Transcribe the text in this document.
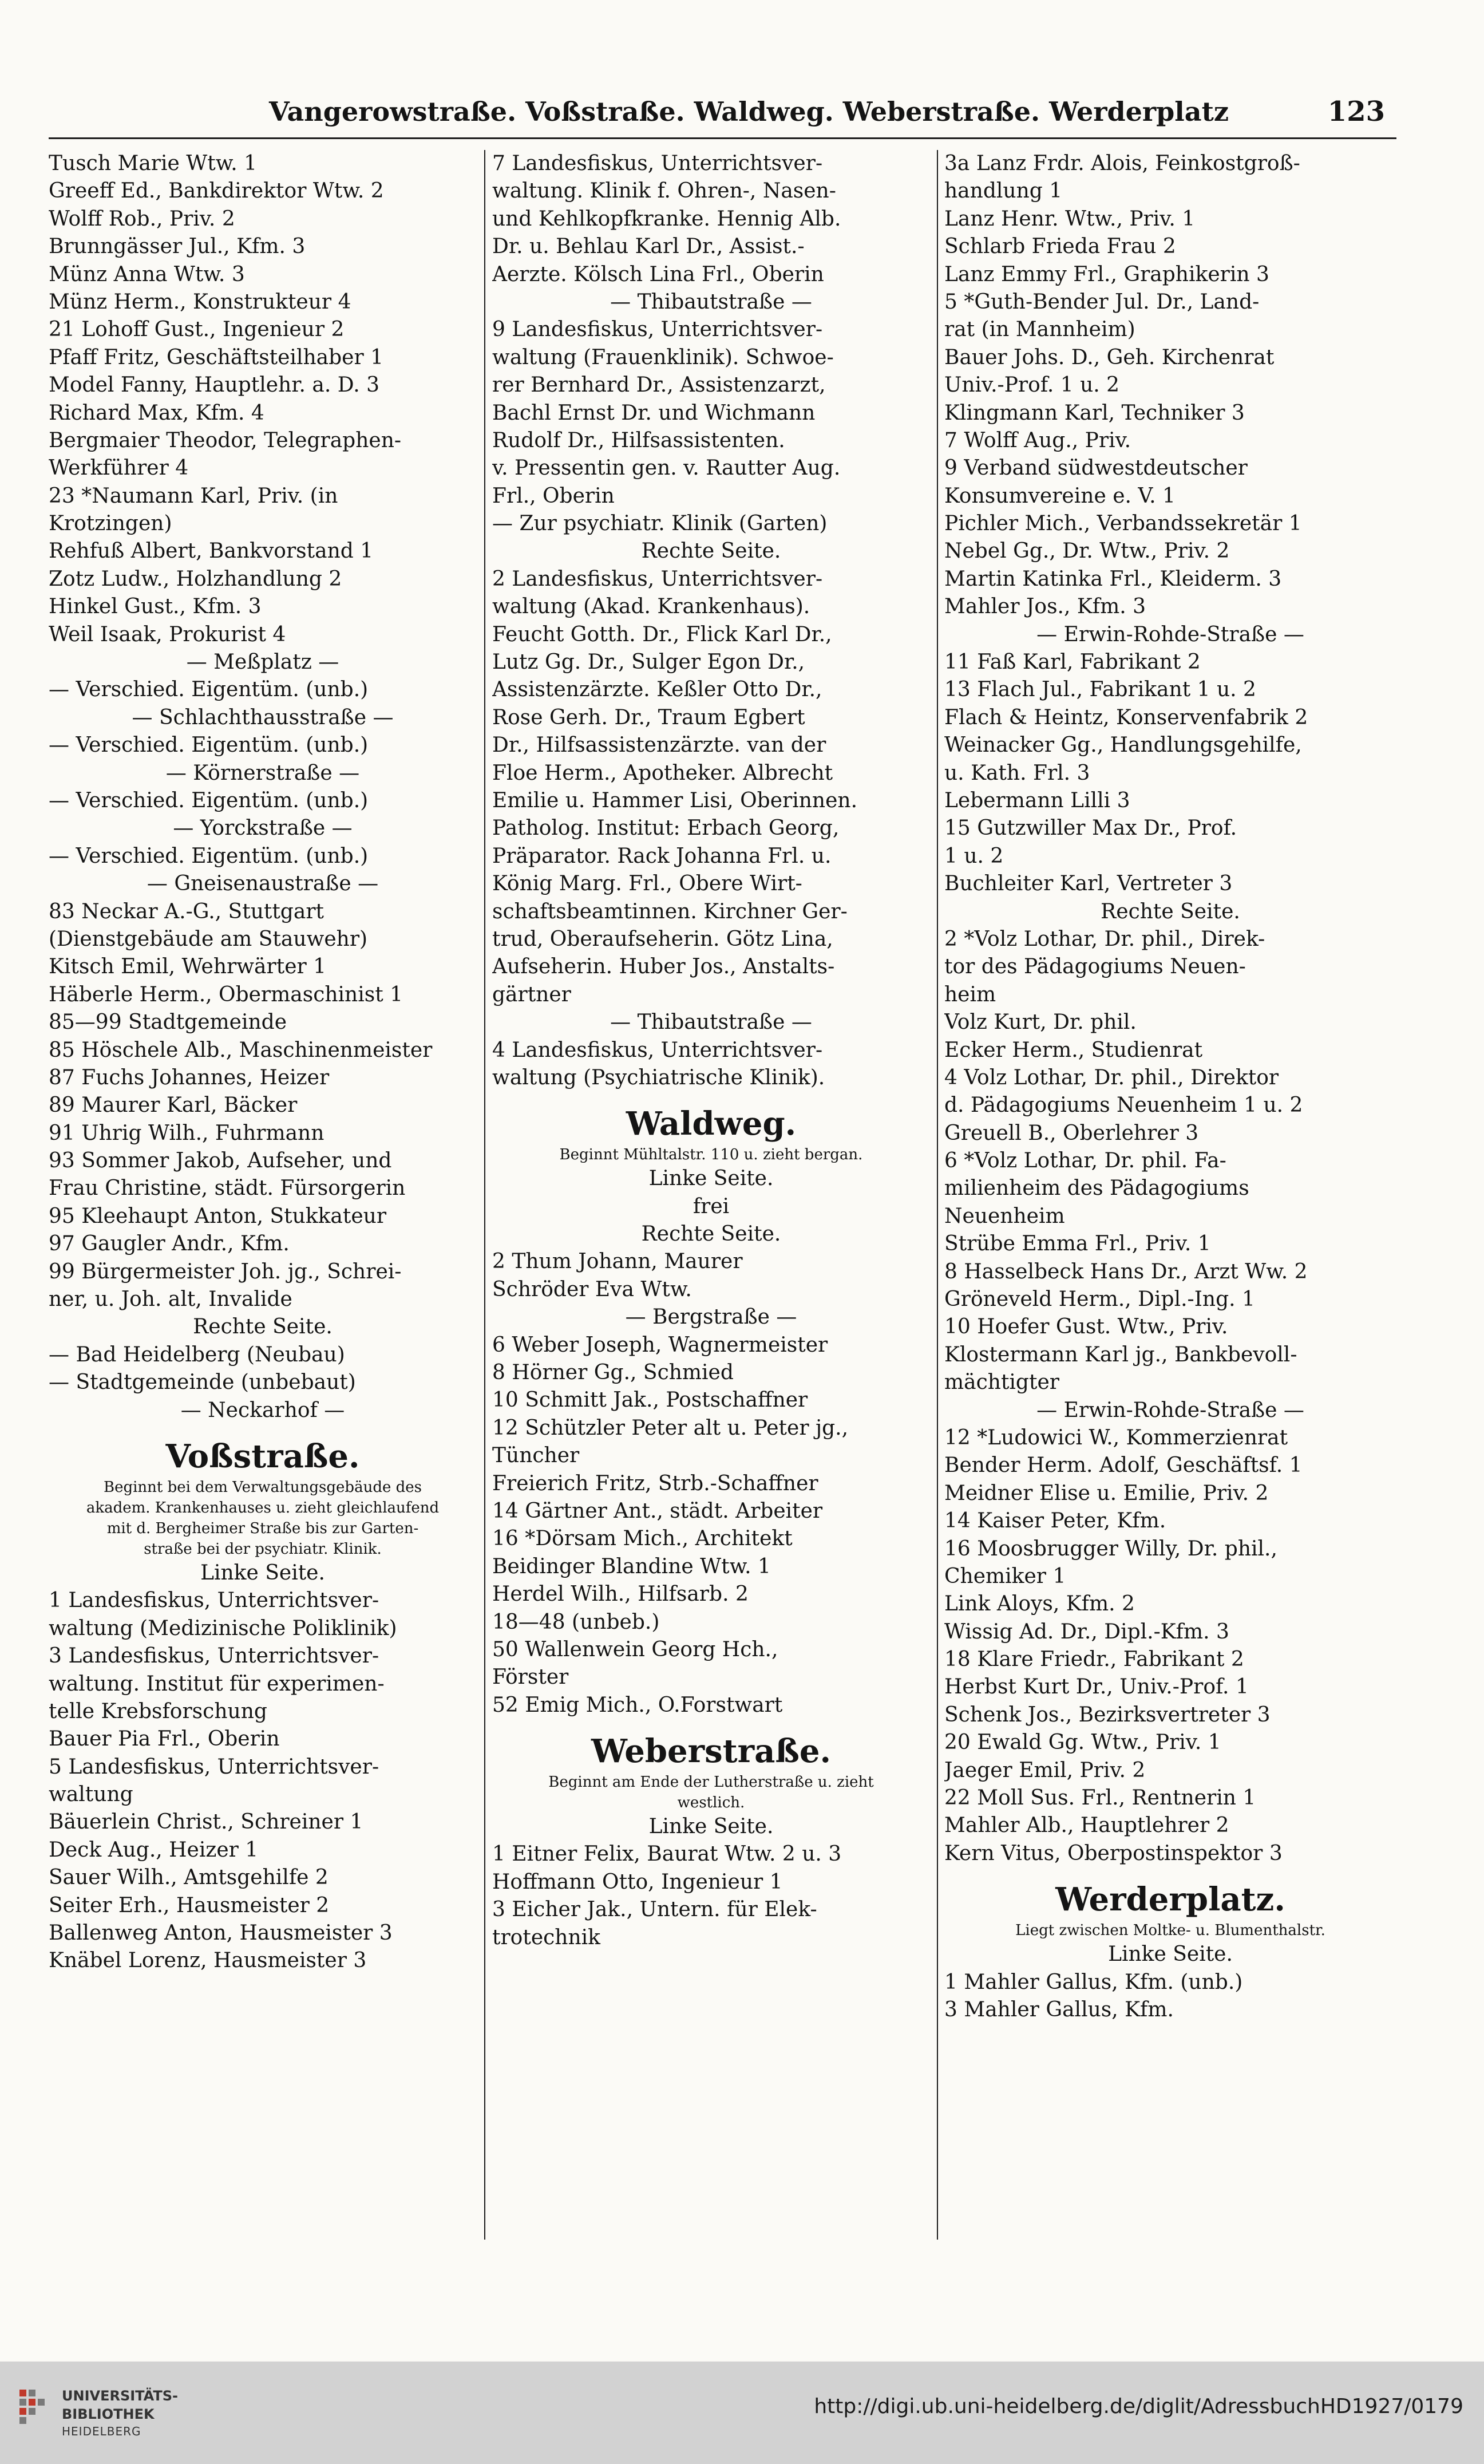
Vangerowstraße. Voßstraße. Waldweg. Weberstraße. Werderplatz	123
Tusch Marie Wtw. 1
Greeff Ed., Bankdirektor Wtw. 2
Wolff Rob., Priv. 2
Brunngässer Jul., Kfm. 3
Münz Anna Wtw. 3
Münz Herm., Konstrukteur 4
21 Lohoff Gust., Ingenieur 2
Pfaff Fritz, Geschäftsteilhaber 1
Model Fanny, Hauptlehr. a. D. 3
Richard Max, Kfm. 4
Bergmaier Theodor, Telegraphen-
Werkführer 4
23 *Naumann Karl, Priv. (in
Krotzingen)
Rehfuß Albert, Bankvorstand 1
Zotz Ludw., Holzhandlung 2
Hinkel Gust., Kfm. 3
Weil Isaak, Prokurist 4
— Meßplatz —
— Verschied. Eigentüm. (unb.)
— Schlachthausstraße —
— Verschied. Eigentüm. (unb.)
— Körnerstraße —
— Verschied. Eigentüm. (unb.)
— Yorckstraße —
— Verschied. Eigentüm. (unb.)
— Gneisenaustraße —
83 Neckar A.-G., Stuttgart
(Dienstgebäude am Stauwehr)
Kitsch Emil, Wehrwärter 1
Häberle Herm., Obermaschinist 1
85—99 Stadtgemeinde
85 Höschele Alb., Maschinenmeister
87 Fuchs Johannes, Heizer
89 Maurer Karl, Bäcker
91 Uhrig Wilh., Fuhrmann
93 Sommer Jakob, Aufseher, und
Frau Christine, städt. Fürsorgerin
95 Kleehaupt Anton, Stukkateur
97 Gaugler Andr., Kfm.
99 Bürgermeister Joh. jg., Schrei-
ner, u. Joh. alt, Invalide
Rechte Seite.
— Bad Heidelberg (Neubau)
— Stadtgemeinde (unbebaut)
— Neckarhof —
Voßstraße.
Beginnt bei dem Verwaltungsgebäude des
akadem. Krankenhauses u. zieht gleichlaufend
mit d. Bergheimer Straße bis zur Garten-
straße bei der psychiatr. Klinik.
Linke Seite.
1 Landesfiskus, Unterrichtsver-
waltung (Medizinische Poliklinik)
3 Landesfiskus, Unterrichtsver-
waltung. Institut für experimen-
telle Krebsforschung
Bauer Pia Frl., Oberin
5 Landesfiskus, Unterrichtsver-
waltung
Bäuerlein Christ., Schreiner 1
Deck Aug., Heizer 1
Sauer Wilh., Amtsgehilfe 2
Seiter Erh., Hausmeister 2
Ballenweg Anton, Hausmeister 3
Knäbel Lorenz, Hausmeister 3
7 Landesfiskus, Unterrichtsver-
waltung. Klinik f. Ohren-, Nasen-
und Kehlkopfkranke. Hennig Alb.
Dr. u. Behlau Karl Dr., Assist.-
Aerzte. Kölsch Lina Frl., Oberin
— Thibautstraße —
9 Landesfiskus, Unterrichtsver-
waltung (Frauenklinik). Schwoe-
rer Bernhard Dr., Assistenzarzt,
Bachl Ernst Dr. und Wichmann
Rudolf Dr., Hilfsassistenten.
v. Pressentin gen. v. Rautter Aug.
Frl., Oberin
— Zur psychiatr. Klinik (Garten)
Rechte Seite.
2 Landesfiskus, Unterrichtsver-
waltung (Akad. Krankenhaus).
Feucht Gotth. Dr., Flick Karl Dr.,
Lutz Gg. Dr., Sulger Egon Dr.,
Assistenzärzte. Keßler Otto Dr.,
Rose Gerh. Dr., Traum Egbert
Dr., Hilfsassistenzärzte. van der
Floe Herm., Apotheker. Albrecht
Emilie u. Hammer Lisi, Oberinnen.
Patholog. Institut: Erbach Georg,
Präparator. Rack Johanna Frl. u.
König Marg. Frl., Obere Wirt-
schaftsbeamtinnen. Kirchner Ger-
trud, Oberaufseherin. Götz Lina,
Aufseherin. Huber Jos., Anstalts-
gärtner
— Thibautstraße —
4 Landesfiskus, Unterrichtsver-
waltung (Psychiatrische Klinik).
Waldweg.
Beginnt Mühltalstr. 110 u. zieht bergan.
Linke Seite.
frei
Rechte Seite.
2 Thum Johann, Maurer
Schröder Eva Wtw.
— Bergstraße —
6 Weber Joseph, Wagnermeister
8 Hörner Gg., Schmied
10 Schmitt Jak., Postschaffner
12 Schützler Peter alt u. Peter jg.,
Tüncher
Freierich Fritz, Strb.-Schaffner
14 Gärtner Ant., städt. Arbeiter
16 *Dörsam Mich., Architekt
Beidinger Blandine Wtw. 1
Herdel Wilh., Hilfsarb. 2
18—48 (unbeb.)
50 Wallenwein Georg Hch.,
Förster
52 Emig Mich., O.Forstwart
Weberstraße.
Beginnt am Ende der Lutherstraße u. zieht
westlich.
Linke Seite.
1 Eitner Felix, Baurat Wtw. 2 u. 3
Hoffmann Otto, Ingenieur 1
3 Eicher Jak., Untern. für Elek-
trotechnik
3a Lanz Frdr. Alois, Feinkostgroß-
handlung 1
Lanz Henr. Wtw., Priv. 1
Schlarb Frieda Frau 2
Lanz Emmy Frl., Graphikerin 3
5 *Guth-Bender Jul. Dr., Land-
rat (in Mannheim)
Bauer Johs. D., Geh. Kirchenrat
Univ.-Prof. 1 u. 2
Klingmann Karl, Techniker 3
7 Wolff Aug., Priv.
9 Verband südwestdeutscher
Konsumvereine e. V. 1
Pichler Mich., Verbandssekretär 1
Nebel Gg., Dr. Wtw., Priv. 2
Martin Katinka Frl., Kleiderm. 3
Mahler Jos., Kfm. 3
— Erwin-Rohde-Straße —
11 Faß Karl, Fabrikant 2
13 Flach Jul., Fabrikant 1 u. 2
Flach & Heintz, Konservenfabrik 2
Weinacker Gg., Handlungsgehilfe,
u. Kath. Frl. 3
Lebermann Lilli 3
15 Gutzwiller Max Dr., Prof.
1 u. 2
Buchleiter Karl, Vertreter 3
Rechte Seite.
2 *Volz Lothar, Dr. phil., Direk-
tor des Pädagogiums Neuen-
heim
Volz Kurt, Dr. phil.
Ecker Herm., Studienrat
4 Volz Lothar, Dr. phil., Direktor
d. Pädagogiums Neuenheim 1 u. 2
Greuell B., Oberlehrer 3
6 *Volz Lothar, Dr. phil. Fa-
milienheim des Pädagogiums
Neuenheim
Strübe Emma Frl., Priv. 1
8 Hasselbeck Hans Dr., Arzt Ww. 2
Gröneveld Herm., Dipl.-Ing. 1
10 Hoefer Gust. Wtw., Priv.
Klostermann Karl jg., Bankbevoll-
mächtigter
— Erwin-Rohde-Straße —
12 *Ludowici W., Kommerzienrat
Bender Herm. Adolf, Geschäftsf. 1
Meidner Elise u. Emilie, Priv. 2
14 Kaiser Peter, Kfm.
16 Moosbrugger Willy, Dr. phil.,
Chemiker 1
Link Aloys, Kfm. 2
Wissig Ad. Dr., Dipl.-Kfm. 3
18 Klare Friedr., Fabrikant 2
Herbst Kurt Dr., Univ.-Prof. 1
Schenk Jos., Bezirksvertreter 3
20 Ewald Gg. Wtw., Priv. 1
Jaeger Emil, Priv. 2
22 Moll Sus. Frl., Rentnerin 1
Mahler Alb., Hauptlehrer 2
Kern Vitus, Oberpostinspektor 3
Werderplatz.
Liegt zwischen Moltke- u. Blumenthalstr.
Linke Seite.
1 Mahler Gallus, Kfm. (unb.)
3 Mahler Gallus, Kfm.
UNIVERSITÄTS-
BIBLIOTHEK
HEIDELBERG
http://digi.ub.uni-heidelberg.de/diglit/AdressbuchHD1927/0179
